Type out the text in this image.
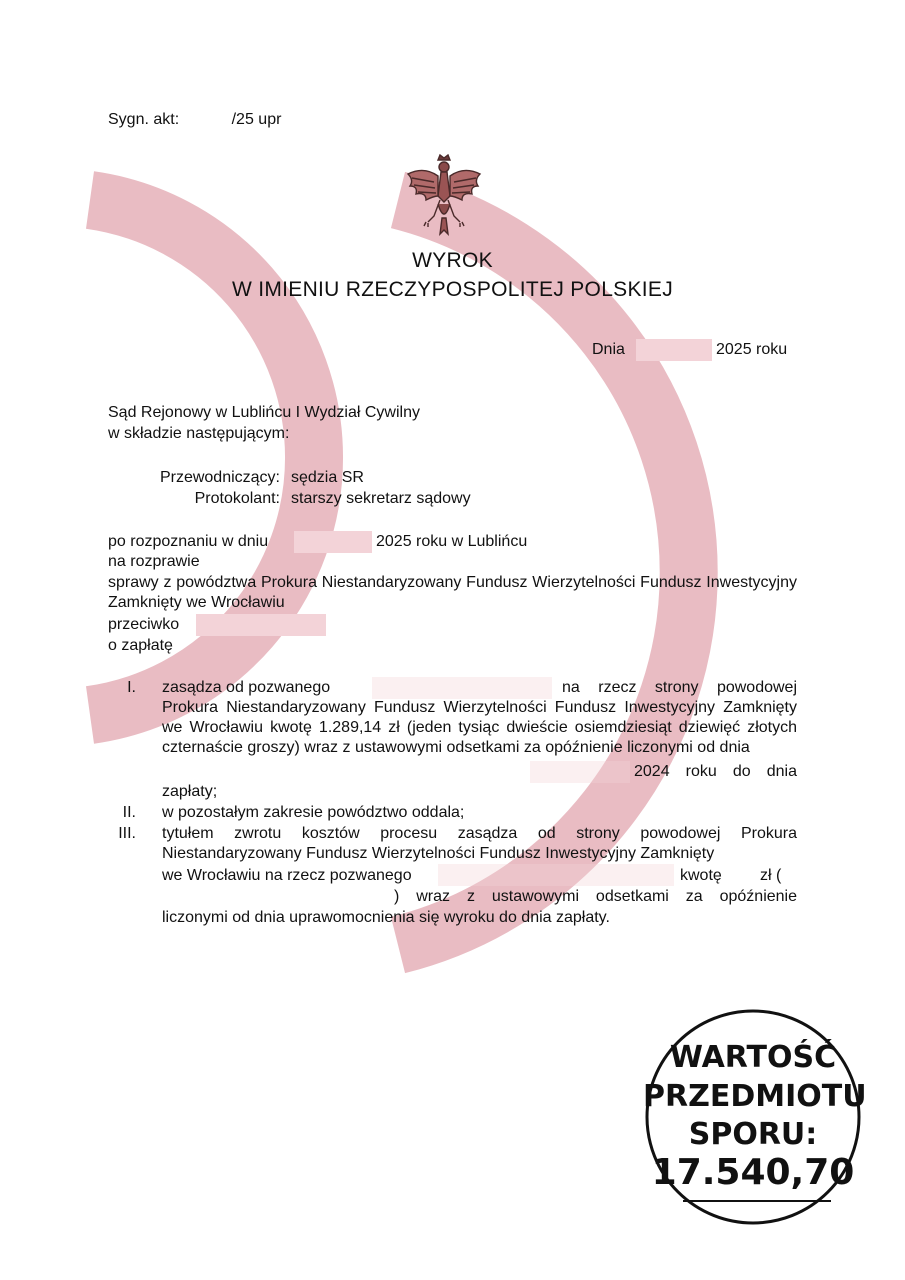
Sygn. akt:	/25 upr
WYROK
W IMIENIU RZECZYPOSPOLITEJ POLSKIEJ
Dnia	2025 roku
Sąd Rejonowy w Lublińcu I Wydział Cywilny
w składzie następującym:
Przewodniczący: sędzia SR
Protokolant: starszy sekretarz sądowy
po rozpoznaniu w dniu	2025 roku w Lublińcu
na rozprawie
sprawy z powództwa Prokura Niestandaryzowany Fundusz Wierzytelności Fundusz Inwestycyjny Zamknięty we Wrocławiu
przeciwko
o zapłatę
I. zasądza od pozwanego	na rzecz strony powodowej Prokura Niestandaryzowany Fundusz Wierzytelności Fundusz Inwestycyjny Zamknięty we Wrocławiu kwotę 1.289,14 zł (jeden tysiąc dwieście osiemdziesiąt dziewięć złotych czternaście groszy) wraz z ustawowymi odsetkami za opóźnienie liczonymi od dnia
2024 roku do dnia zapłaty;
II. w pozostałym zakresie powództwo oddala;
III. tytułem zwrotu kosztów procesu zasądza od strony powodowej Prokura Niestandaryzowany Fundusz Wierzytelności Fundusz Inwestycyjny Zamknięty
we Wrocławiu na rzecz pozwanego	kwotę zł (
) wraz z ustawowymi odsetkami za opóźnienie
liczonymi od dnia uprawomocnienia się wyroku do dnia zapłaty.
WARTOŚĆ
PRZEDMIOTU
SPORU:
17.540,70
